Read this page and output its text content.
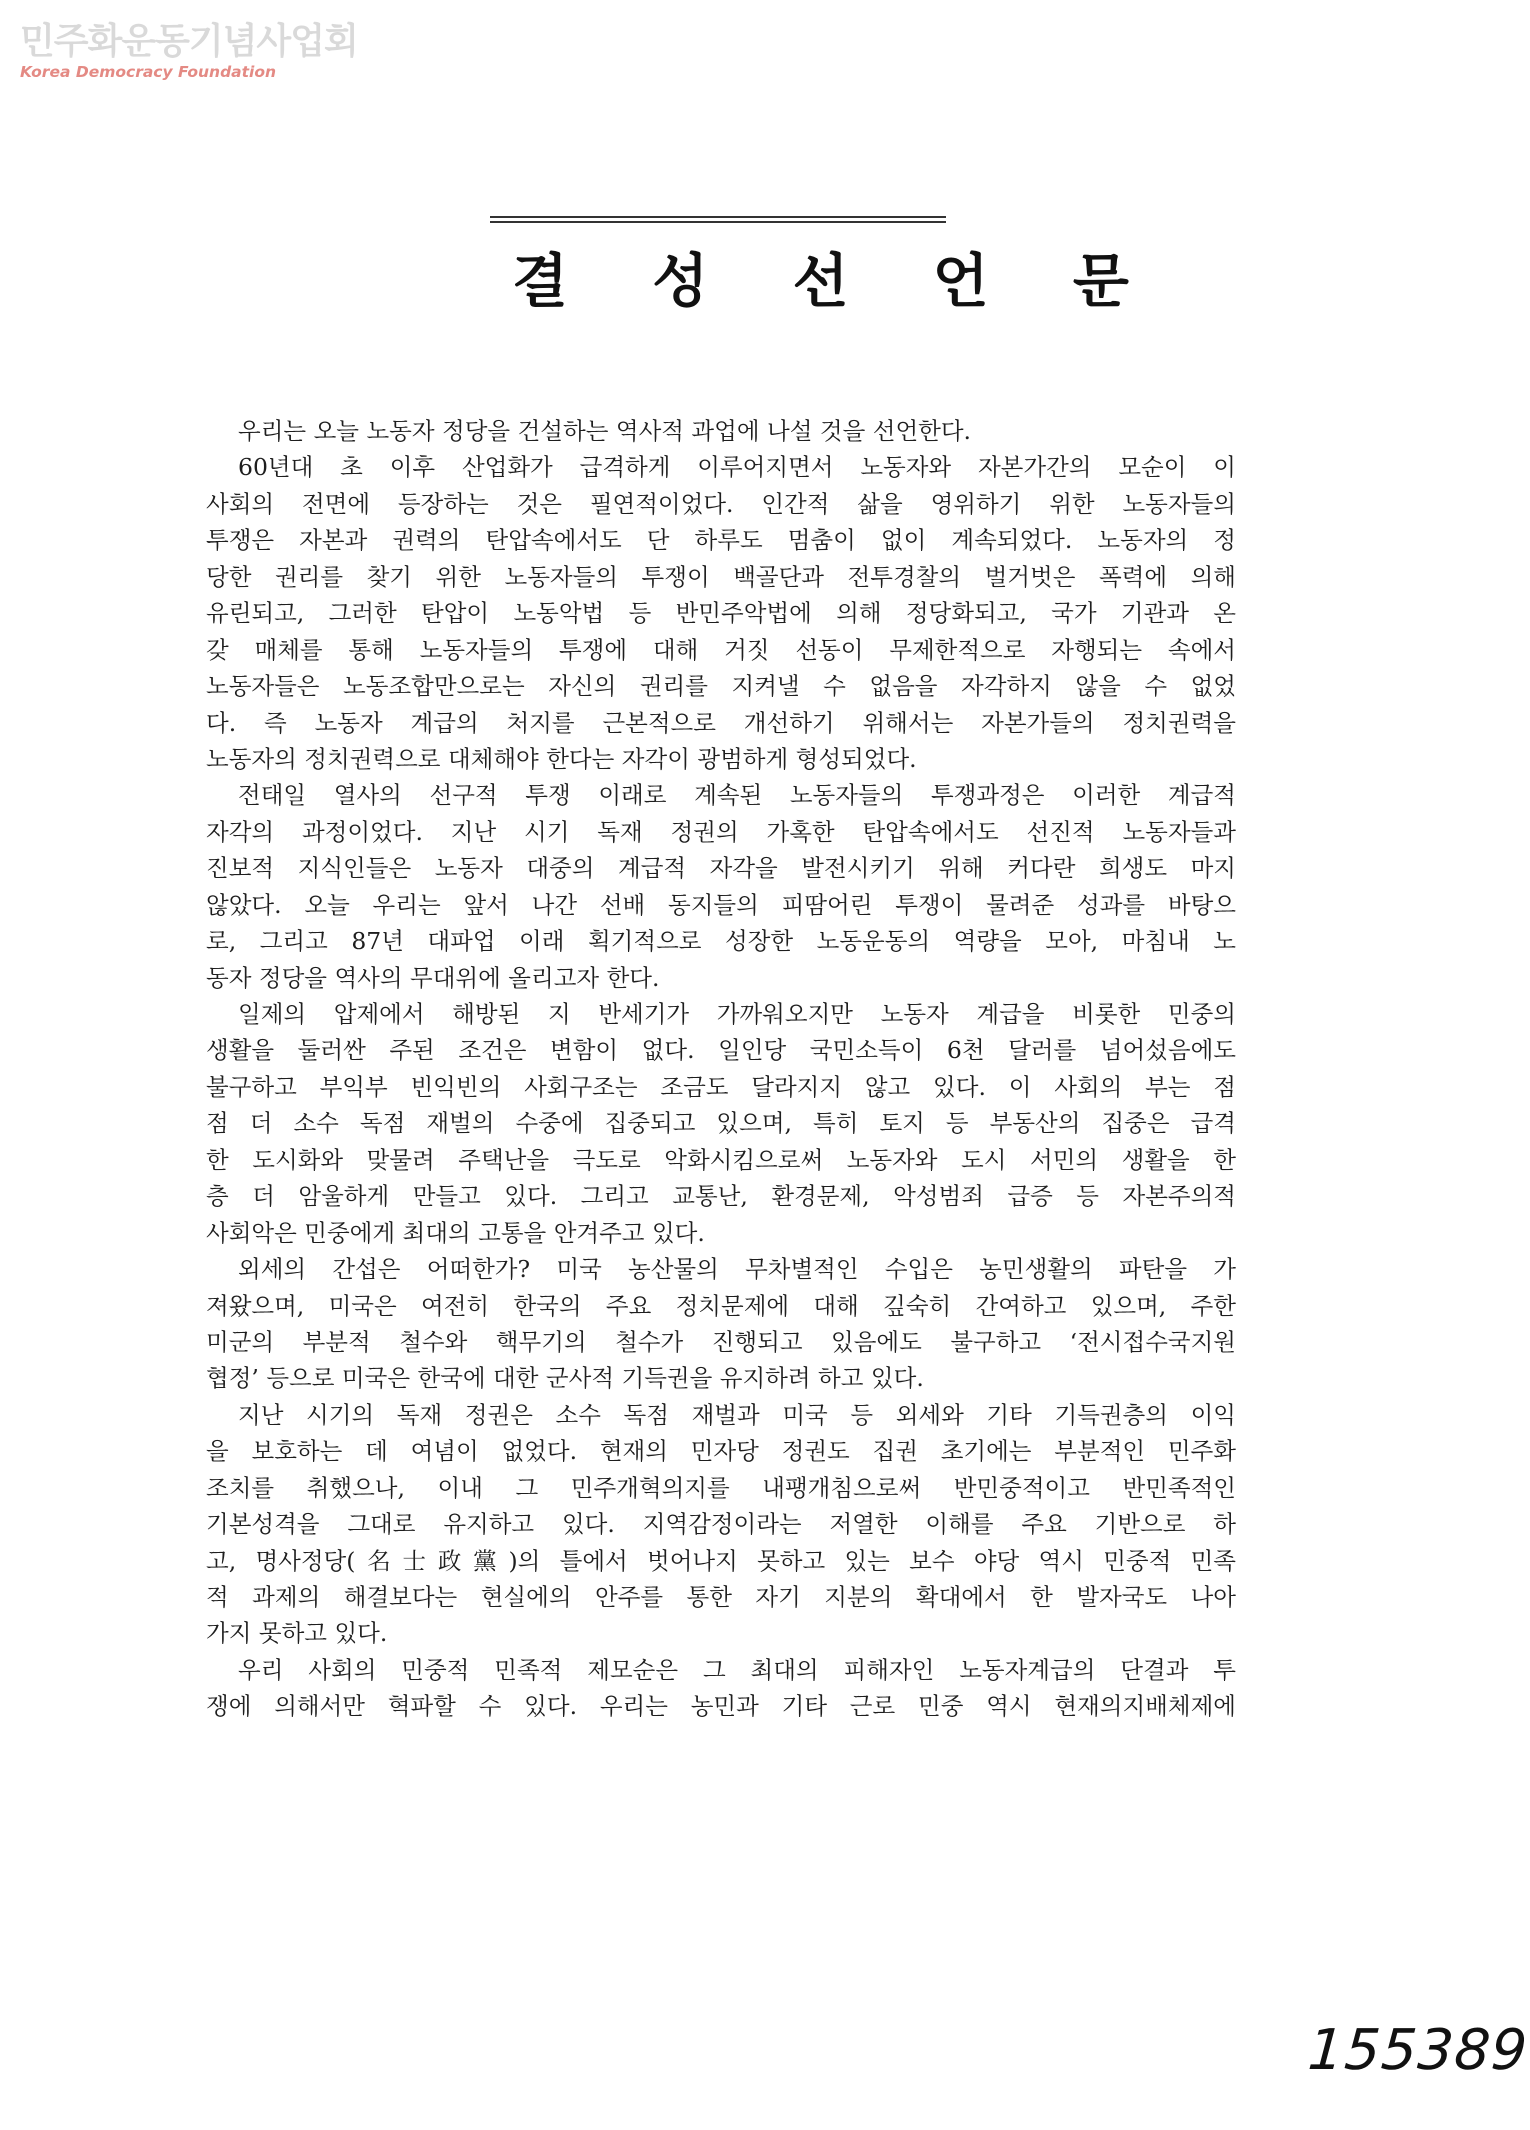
민주화운동기념사업회
Korea Democracy Foundation
결 성 선 언 문
우리는 오늘 노동자 정당을 건설하는 역사적 과업에 나설 것을 선언한다.
60년대 초 이후 산업화가 급격하게 이루어지면서 노동자와 자본가간의 모순이 이
사회의 전면에 등장하는 것은 필연적이었다. 인간적 삶을 영위하기 위한 노동자들의
투쟁은 자본과 권력의 탄압속에서도 단 하루도 멈춤이 없이 계속되었다. 노동자의 정
당한 권리를 찾기 위한 노동자들의 투쟁이 백골단과 전투경찰의 벌거벗은 폭력에 의해
유린되고, 그러한 탄압이 노동악법 등 반민주악법에 의해 정당화되고, 국가 기관과 온
갖 매체를 통해 노동자들의 투쟁에 대해 거짓 선동이 무제한적으로 자행되는 속에서
노동자들은 노동조합만으로는 자신의 권리를 지켜낼 수 없음을 자각하지 않을 수 없었
다. 즉 노동자 계급의 처지를 근본적으로 개선하기 위해서는 자본가들의 정치권력을
노동자의 정치권력으로 대체해야 한다는 자각이 광범하게 형성되었다.
전태일 열사의 선구적 투쟁 이래로 계속된 노동자들의 투쟁과정은 이러한 계급적
자각의 과정이었다. 지난 시기 독재 정권의 가혹한 탄압속에서도 선진적 노동자들과
진보적 지식인들은 노동자 대중의 계급적 자각을 발전시키기 위해 커다란 희생도 마지
않았다. 오늘 우리는 앞서 나간 선배 동지들의 피땀어린 투쟁이 물려준 성과를 바탕으
로, 그리고 87년 대파업 이래 획기적으로 성장한 노동운동의 역량을 모아, 마침내 노
동자 정당을 역사의 무대위에 올리고자 한다.
일제의 압제에서 해방된 지 반세기가 가까워오지만 노동자 계급을 비롯한 민중의
생활을 둘러싼 주된 조건은 변함이 없다. 일인당 국민소득이 6천 달러를 넘어섰음에도
불구하고 부익부 빈익빈의 사회구조는 조금도 달라지지 않고 있다. 이 사회의 부는 점
점 더 소수 독점 재벌의 수중에 집중되고 있으며, 특히 토지 등 부동산의 집중은 급격
한 도시화와 맞물려 주택난을 극도로 악화시킴으로써 노동자와 도시 서민의 생활을 한
층 더 암울하게 만들고 있다. 그리고 교통난, 환경문제, 악성범죄 급증 등 자본주의적
사회악은 민중에게 최대의 고통을 안겨주고 있다.
외세의 간섭은 어떠한가? 미국 농산물의 무차별적인 수입은 농민생활의 파탄을 가
져왔으며, 미국은 여전히 한국의 주요 정치문제에 대해 깊숙히 간여하고 있으며, 주한
미군의 부분적 철수와 핵무기의 철수가 진행되고 있음에도 불구하고 ‘전시접수국지원
협정’ 등으로 미국은 한국에 대한 군사적 기득권을 유지하려 하고 있다.
지난 시기의 독재 정권은 소수 독점 재벌과 미국 등 외세와 기타 기득권층의 이익
을 보호하는 데 여념이 없었다. 현재의 민자당 정권도 집권 초기에는 부분적인 민주화
조치를 취했으나, 이내 그 민주개혁의지를 내팽개침으로써 반민중적이고 반민족적인
기본성격을 그대로 유지하고 있다. 지역감정이라는 저열한 이해를 주요 기반으로 하
고, 명사정당(名士政黨)의 틀에서 벗어나지 못하고 있는 보수 야당 역시 민중적 민족
적 과제의 해결보다는 현실에의 안주를 통한 자기 지분의 확대에서 한 발자국도 나아
가지 못하고 있다.
우리 사회의 민중적 민족적 제모순은 그 최대의 피해자인 노동자계급의 단결과 투
쟁에 의해서만 혁파할 수 있다. 우리는 농민과 기타 근로 민중 역시 현재의지배체제에
155389
